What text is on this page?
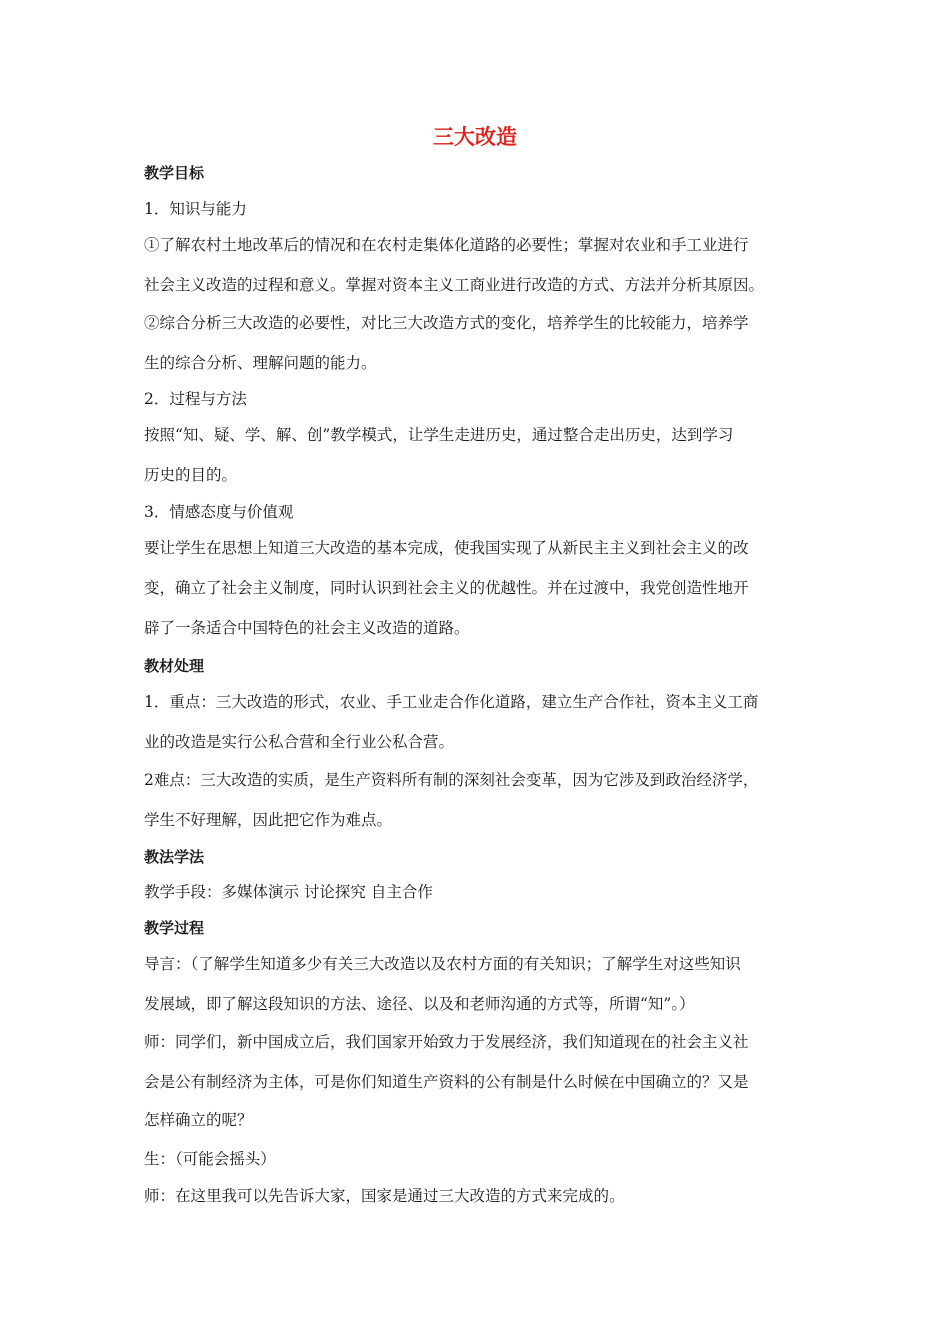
三大改造
教学目标
1．知识与能力
①了解农村土地改革后的情况和在农村走集体化道路的必要性；掌握对农业和手工业进行
社会主义改造的过程和意义。掌握对资本主义工商业进行改造的方式、方法并分析其原因。
②综合分析三大改造的必要性，对比三大改造方式的变化，培养学生的比较能力，培养学
生的综合分析、理解问题的能力。
2．过程与方法
按照“知、疑、学、解、创”教学模式，让学生走进历史，通过整合走出历史，达到学习
历史的目的。
3．情感态度与价值观
要让学生在思想上知道三大改造的基本完成，使我国实现了从新民主主义到社会主义的改
变，确立了社会主义制度，同时认识到社会主义的优越性。并在过渡中，我党创造性地开
辟了一条适合中国特色的社会主义改造的道路。
教材处理
1．重点：三大改造的形式，农业、手工业走合作化道路，建立生产合作社，资本主义工商
业的改造是实行公私合营和全行业公私合营。
2难点：三大改造的实质，是生产资料所有制的深刻社会变革，因为它涉及到政治经济学，
学生不好理解，因此把它作为难点。
教法学法
教学手段：多媒体演示 讨论探究 自主合作
教学过程
导言：（了解学生知道多少有关三大改造以及农村方面的有关知识；了解学生对这些知识
发展域，即了解这段知识的方法、途径、以及和老师沟通的方式等，所谓“知”。）
师：同学们，新中国成立后，我们国家开始致力于发展经济，我们知道现在的社会主义社
会是公有制经济为主体，可是你们知道生产资料的公有制是什么时候在中国确立的？又是
怎样确立的呢？
生：（可能会摇头）
师：在这里我可以先告诉大家，国家是通过三大改造的方式来完成的。
